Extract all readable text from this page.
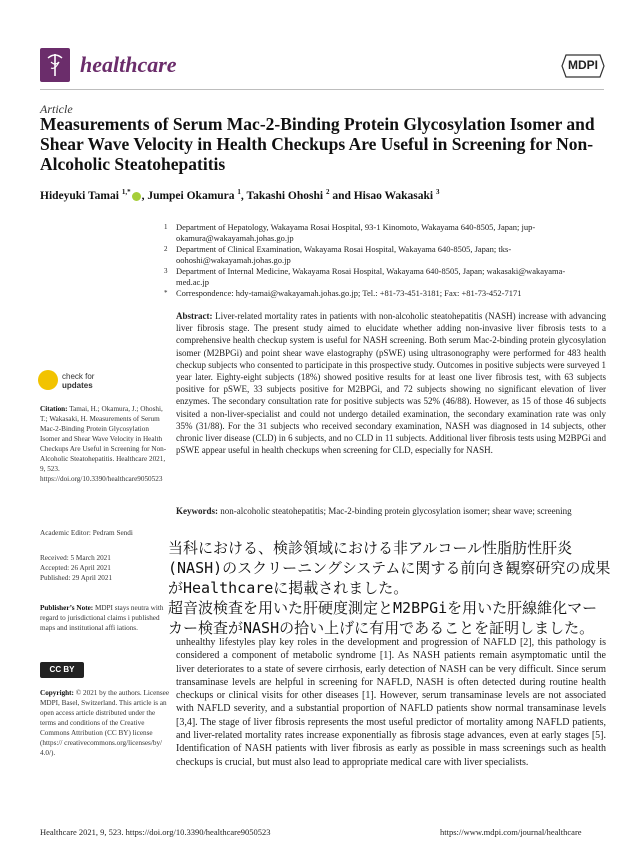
healthcare	MDPI
Article
Measurements of Serum Mac-2-Binding Protein Glycosylation Isomer and Shear Wave Velocity in Health Checkups Are Useful in Screening for Non-Alcoholic Steatohepatitis
Hideyuki Tamai $^{1,*}$ , Jumpei Okamura $^1$, Takashi Ohoshi $^2$ and Hisao Wakasaki $^3$
1 Department of Hepatology, Wakayama Rosai Hospital, 93-1 Kinomoto, Wakayama 640-8505, Japan; jup-okamura@wakayamah.johas.go.jp
2 Department of Clinical Examination, Wakayama Rosai Hospital, Wakayama 640-8505, Japan; tks-oohoshi@wakayamah.johas.go.jp
3 Department of Internal Medicine, Wakayama Rosai Hospital, Wakayama 640-8505, Japan; wakasaki@wakayama-med.ac.jp
* Correspondence: hdy-tamai@wakayamah.johas.go.jp; Tel.: +81-73-451-3181; Fax: +81-73-452-7171
Abstract: Liver-related mortality rates in patients with non-alcoholic steatohepatitis (NASH) increase with advancing liver fibrosis stage. The present study aimed to elucidate whether adding non-invasive liver fibrosis tests to a comprehensive health checkup system is useful for NASH screening. Both serum Mac-2-binding protein glycosylation isomer (M2BPGi) and point shear wave elastography (pSWE) using ultrasonography were performed for 483 health checkup subjects who consented to participate in this prospective study. Outcomes in positive subjects were surveyed 1 year later. Eighty-eight subjects (18%) showed positive results for at least one liver fibrosis test, with 63 subjects positive for pSWE, 33 subjects positive for M2BPGi, and 72 subjects showing no significant elevation of liver enzymes. The secondary consultation rate for positive subjects was 52% (46/88). However, as 15 of those 46 subjects visited a non-liver-specialist and could not undergo detailed examination, the secondary examination rate was only 35% (31/88). For the 31 subjects who received secondary examination, NASH was diagnosed in 14 subjects, other chronic liver disease (CLD) in 6 subjects, and no CLD in 11 subjects. Additional liver fibrosis tests using M2BPGi and pSWE appear useful in health checkups when screening for CLD, especially for NASH.
Keywords: non-alcoholic steatohepatitis; Mac-2-binding protein glycosylation isomer; shear wave; screening
check for
updates
Citation: Tamai, H.; Okamura, J.; Ohoshi, T.; Wakasaki, H. Measurements of Serum Mac-2-Binding Protein Glycosylation Isomer and Shear Wave Velocity in Health Checkups Are Useful in Screening for Non-Alcoholic Steatohepatitis. Healthcare 2021, 9, 523. https://doi.org/10.3390/healthcare9050523
Academic Editor: Pedram Sendi
Received: 5 March 2021
Accepted: 26 April 2021
Published: 29 April 2021
Publisher’s Note: MDPI stays neutra with regard to jurisdictional claims i published maps and institutional affi iations.
CC BY
Copyright: © 2021 by the authors. Licensee MDPI, Basel, Switzerland. This article is an open access article distributed under the terms and conditions of the Creative Commons Attribution (CC BY) license (https:// creativecommons.org/licenses/by/ 4.0/).
当科における、検診領域における非アルコール性脂肪性肝炎
(NASH)のスクリーニングシステムに関する前向き観察研究の成果
がHealthcareに掲載されました。
超音波検査を用いた肝硬度測定とM2BPGiを用いた肝線維化マー
カー検査がNASHの拾い上げに有用であることを証明しました。
unhealthy lifestyles play key roles in the development and progression of NAFLD [2], this pathology is considered a component of metabolic syndrome [1]. As NASH patients remain asymptomatic until the liver deteriorates to a state of severe cirrhosis, early detection of NASH can be very difficult. Since serum transaminase levels are helpful in screening for NAFLD, NASH is often detected during routine health checkups or clinical visits for other diseases [1]. However, serum transaminase levels are not associated with NAFLD severity, and a substantial proportion of NAFLD patients show normal transaminase levels [3,4]. The stage of liver fibrosis represents the most useful predictor of mortality among NAFLD patients, and liver-related mortality rates increase exponentially as fibrosis stage advances, even at early stages [5]. Identification of NASH patients with liver fibrosis as early as possible in mass screenings such as health checkups is crucial, but must also lead to appropriate medical care with liver specialists.
Healthcare 2021, 9, 523. https://doi.org/10.3390/healthcare9050523	https://www.mdpi.com/journal/healthcare
